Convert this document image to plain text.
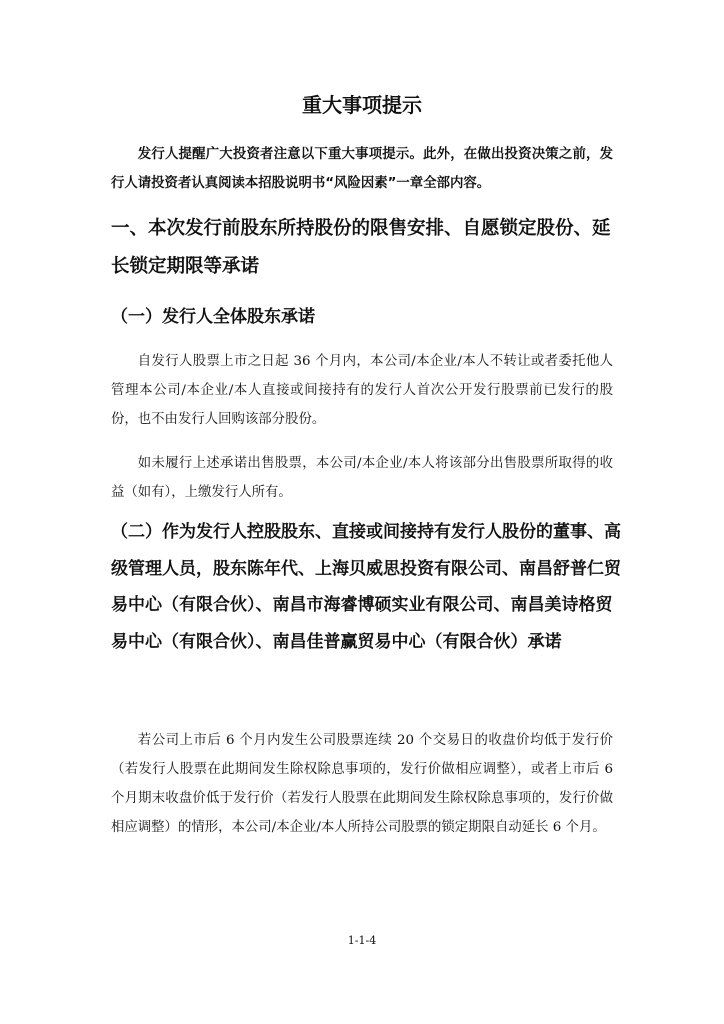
重大事项提示

发行人提醒广大投资者注意以下重大事项提示。此外，在做出投资决策之前，发行人请投资者认真阅读本招股说明书“风险因素”一章全部内容。

一、本次发行前股东所持股份的限售安排、自愿锁定股份、延长锁定期限等承诺
（一）发行人全体股东承诺

自发行人股票上市之日起 36 个月内，本公司/本企业/本人不转让或者委托他人管理本公司/本企业/本人直接或间接持有的发行人首次公开发行股票前已发行的股份，也不由发行人回购该部分股份。

如未履行上述承诺出售股票，本公司/本企业/本人将该部分出售股票所取得的收益（如有），上缴发行人所有。

（二）作为发行人控股股东、直接或间接持有发行人股份的董事、高级管理人员，股东陈年代、上海贝威思投资有限公司、南昌舒普仁贸易中心（有限合伙）、南昌市海睿博硕实业有限公司、南昌美诗格贸易中心（有限合伙）、南昌佳普赢贸易中心（有限合伙）承诺

若公司上市后 6 个月内发生公司股票连续 20 个交易日的收盘价均低于发行价（若发行人股票在此期间发生除权除息事项的，发行价做相应调整），或者上市后 6 个月期末收盘价低于发行价（若发行人股票在此期间发生除权除息事项的，发行价做相应调整）的情形，本公司/本企业/本人所持公司股票的锁定期限自动延长 6 个月。

1-1-4
